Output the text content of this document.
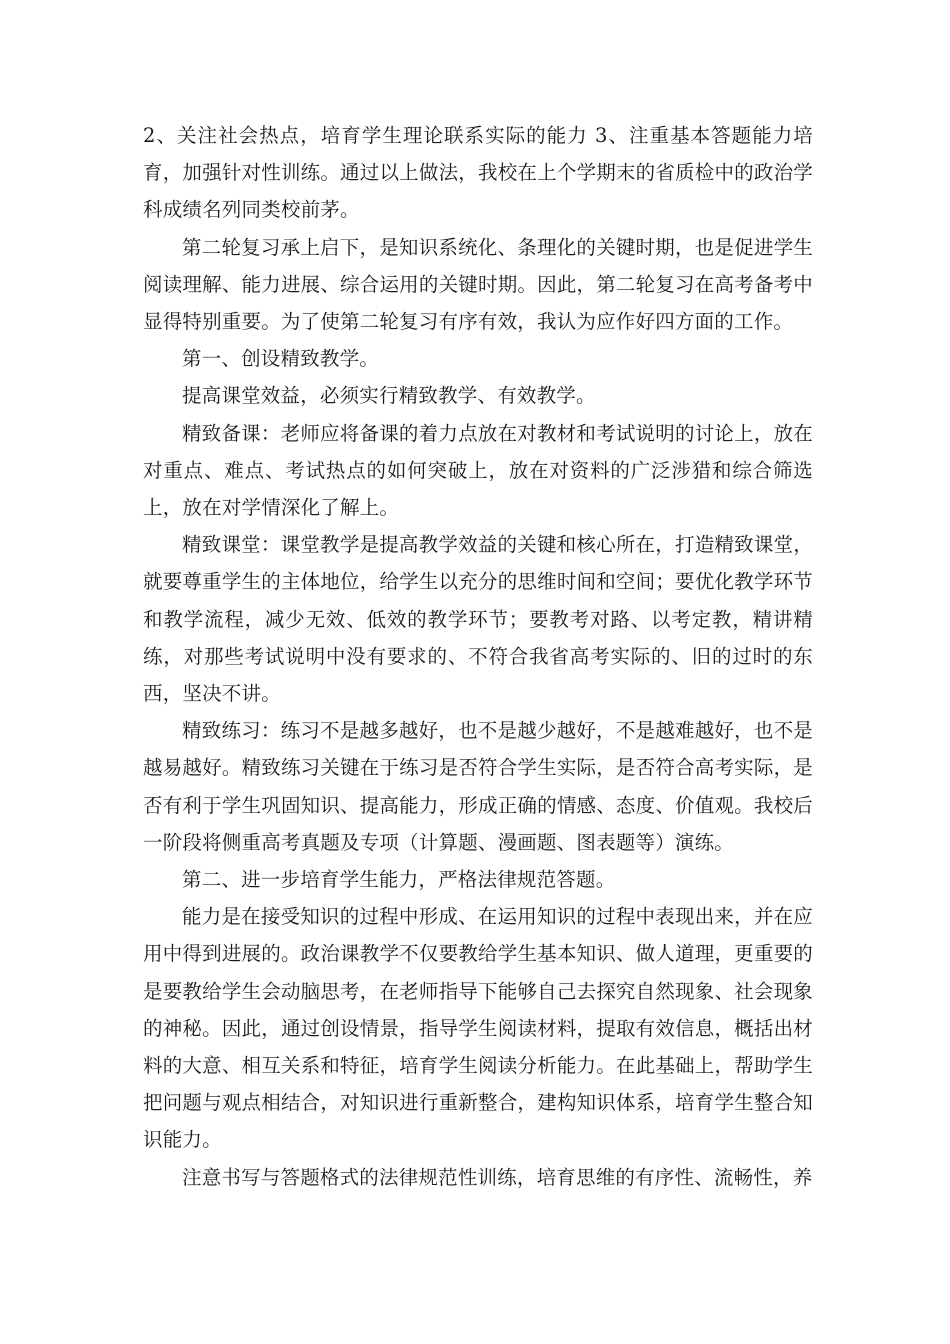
2、关注社会热点，培育学生理论联系实际的能力 3、注重基本答题能力培育，加强针对性训练。通过以上做法，我校在上个学期末的省质检中的政治学科成绩名列同类校前茅。

第二轮复习承上启下，是知识系统化、条理化的关键时期，也是促进学生阅读理解、能力进展、综合运用的关键时期。因此，第二轮复习在高考备考中显得特别重要。为了使第二轮复习有序有效，我认为应作好四方面的工作。

第一、创设精致教学。

提高课堂效益，必须实行精致教学、有效教学。

精致备课：老师应将备课的着力点放在对教材和考试说明的讨论上，放在对重点、难点、考试热点的如何突破上，放在对资料的广泛涉猎和综合筛选上，放在对学情深化了解上。

精致课堂：课堂教学是提高教学效益的关键和核心所在，打造精致课堂，就要尊重学生的主体地位，给学生以充分的思维时间和空间；要优化教学环节和教学流程，减少无效、低效的教学环节；要教考对路、以考定教，精讲精练，对那些考试说明中没有要求的、不符合我省高考实际的、旧的过时的东西，坚决不讲。

精致练习：练习不是越多越好，也不是越少越好，不是越难越好，也不是越易越好。精致练习关键在于练习是否符合学生实际，是否符合高考实际，是否有利于学生巩固知识、提高能力，形成正确的情感、态度、价值观。我校后一阶段将侧重高考真题及专项（计算题、漫画题、图表题等）演练。

第二、进一步培育学生能力，严格法律规范答题。

能力是在接受知识的过程中形成、在运用知识的过程中表现出来，并在应用中得到进展的。政治课教学不仅要教给学生基本知识、做人道理，更重要的是要教给学生会动脑思考，在老师指导下能够自己去探究自然现象、社会现象的神秘。因此，通过创设情景，指导学生阅读材料，提取有效信息，概括出材料的大意、相互关系和特征，培育学生阅读分析能力。在此基础上，帮助学生把问题与观点相结合，对知识进行重新整合，建构知识体系，培育学生整合知识能力。

注意书写与答题格式的法律规范性训练，培育思维的有序性、流畅性，养
